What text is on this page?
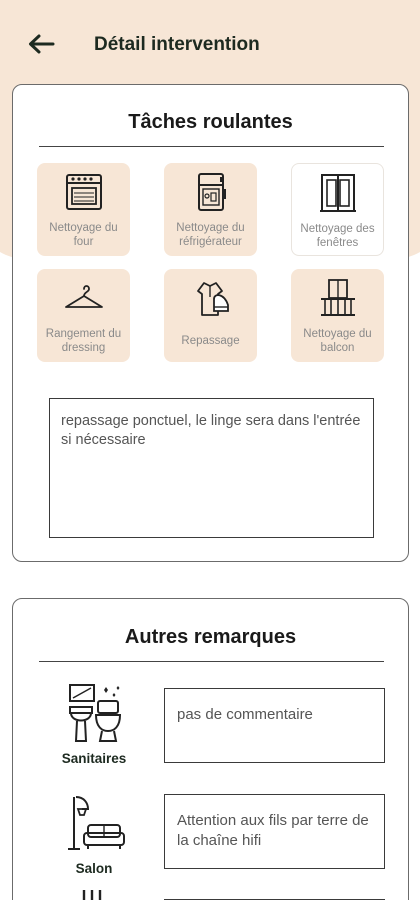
Détail intervention
Tâches roulantes
Nettoyage du four
Nettoyage du réfrigérateur
Nettoyage des fenêtres
Rangement du dressing
Repassage
Nettoyage du balcon
repassage ponctuel, le linge sera dans l'entrée si nécessaire
Autres remarques
Sanitaires
pas de commentaire
Salon
Attention aux fils par terre de la chaîne hifi
